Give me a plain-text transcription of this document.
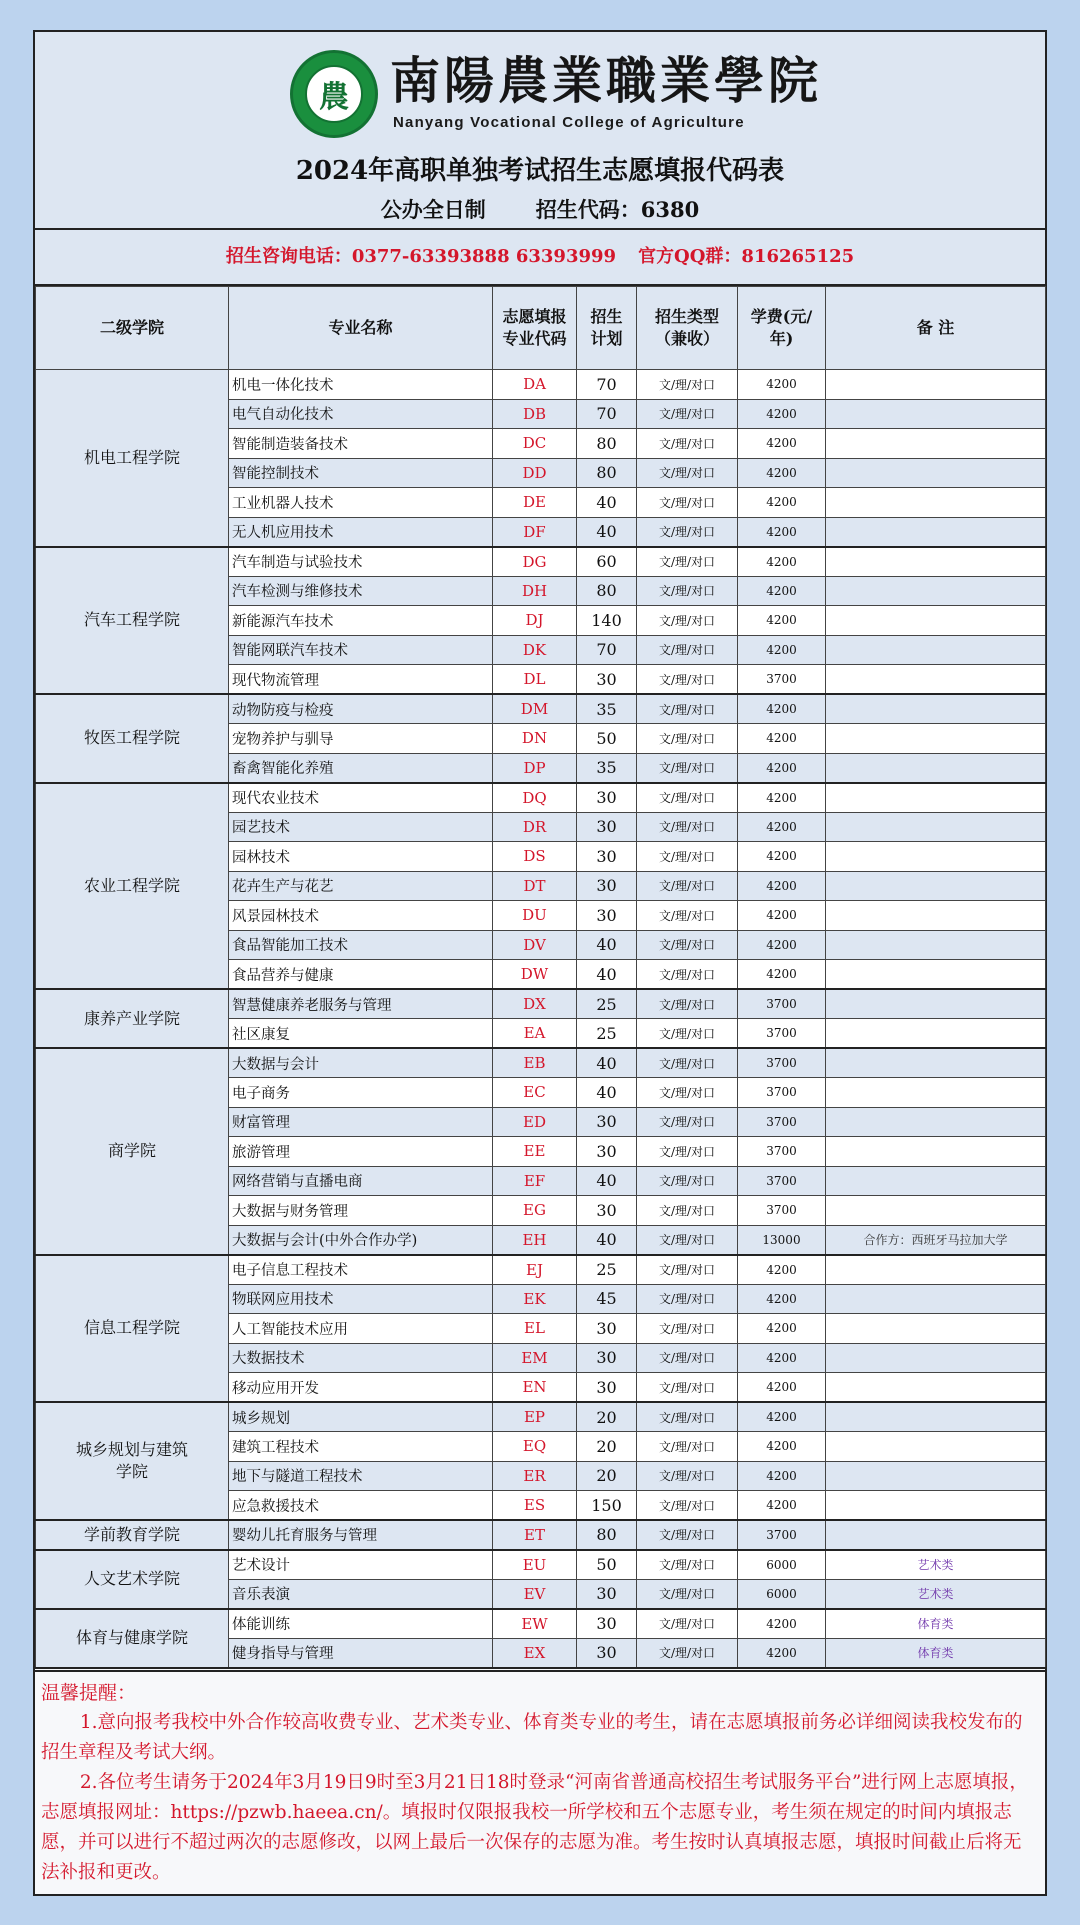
農 南陽農業職業學院
Nanyang Vocational College of Agriculture
2024年高职单独考试招生志愿填报代码表
公办全日制 招生代码：6380
招生咨询电话：0377-63393888 63393999 官方QQ群：816265125
二级学院	专业名称	志愿填报专业代码	招生计划	招生类型（兼收）	学费(元/年)	备 注
机电工程学院	机电一体化技术	DA	70	文/理/对口	4200	
	电气自动化技术	DB	70	文/理/对口	4200	
	智能制造装备技术	DC	80	文/理/对口	4200	
	智能控制技术	DD	80	文/理/对口	4200	
	工业机器人技术	DE	40	文/理/对口	4200	
	无人机应用技术	DF	40	文/理/对口	4200	
汽车工程学院	汽车制造与试验技术	DG	60	文/理/对口	4200	
	汽车检测与维修技术	DH	80	文/理/对口	4200	
	新能源汽车技术	DJ	140	文/理/对口	4200	
	智能网联汽车技术	DK	70	文/理/对口	4200	
	现代物流管理	DL	30	文/理/对口	3700	
牧医工程学院	动物防疫与检疫	DM	35	文/理/对口	4200	
	宠物养护与驯导	DN	50	文/理/对口	4200	
	畜禽智能化养殖	DP	35	文/理/对口	4200	
农业工程学院	现代农业技术	DQ	30	文/理/对口	4200	
	园艺技术	DR	30	文/理/对口	4200	
	园林技术	DS	30	文/理/对口	4200	
	花卉生产与花艺	DT	30	文/理/对口	4200	
	风景园林技术	DU	30	文/理/对口	4200	
	食品智能加工技术	DV	40	文/理/对口	4200	
	食品营养与健康	DW	40	文/理/对口	4200	
康养产业学院	智慧健康养老服务与管理	DX	25	文/理/对口	3700	
	社区康复	EA	25	文/理/对口	3700	
商学院	大数据与会计	EB	40	文/理/对口	3700	
	电子商务	EC	40	文/理/对口	3700	
	财富管理	ED	30	文/理/对口	3700	
	旅游管理	EE	30	文/理/对口	3700	
	网络营销与直播电商	EF	40	文/理/对口	3700	
	大数据与财务管理	EG	30	文/理/对口	3700	
	大数据与会计(中外合作办学)	EH	40	文/理/对口	13000	合作方：西班牙马拉加大学
信息工程学院	电子信息工程技术	EJ	25	文/理/对口	4200	
	物联网应用技术	EK	45	文/理/对口	4200	
	人工智能技术应用	EL	30	文/理/对口	4200	
	大数据技术	EM	30	文/理/对口	4200	
	移动应用开发	EN	30	文/理/对口	4200	
城乡规划与建筑学院	城乡规划	EP	20	文/理/对口	4200	
	建筑工程技术	EQ	20	文/理/对口	4200	
	地下与隧道工程技术	ER	20	文/理/对口	4200	
	应急救援技术	ES	150	文/理/对口	4200	
学前教育学院	婴幼儿托育服务与管理	ET	80	文/理/对口	3700	
人文艺术学院	艺术设计	EU	50	文/理/对口	6000	艺术类
	音乐表演	EV	30	文/理/对口	6000	艺术类
体育与健康学院	体能训练	EW	30	文/理/对口	4200	体育类
	健身指导与管理	EX	30	文/理/对口	4200	体育类

温馨提醒：

1.意向报考我校中外合作较高收费专业、艺术类专业、体育类专业的考生，请在志愿填报前务必详细阅读我校发布的招生章程及考试大纲。

2.各位考生请务于2024年3月19日9时至3月21日18时登录“河南省普通高校招生考试服务平台”进行网上志愿填报，志愿填报网址：https://pzwb.haeea.cn/。填报时仅限报我校一所学校和五个志愿专业，考生须在规定的时间内填报志愿，并可以进行不超过两次的志愿修改，以网上最后一次保存的志愿为准。考生按时认真填报志愿，填报时间截止后将无法补报和更改。
